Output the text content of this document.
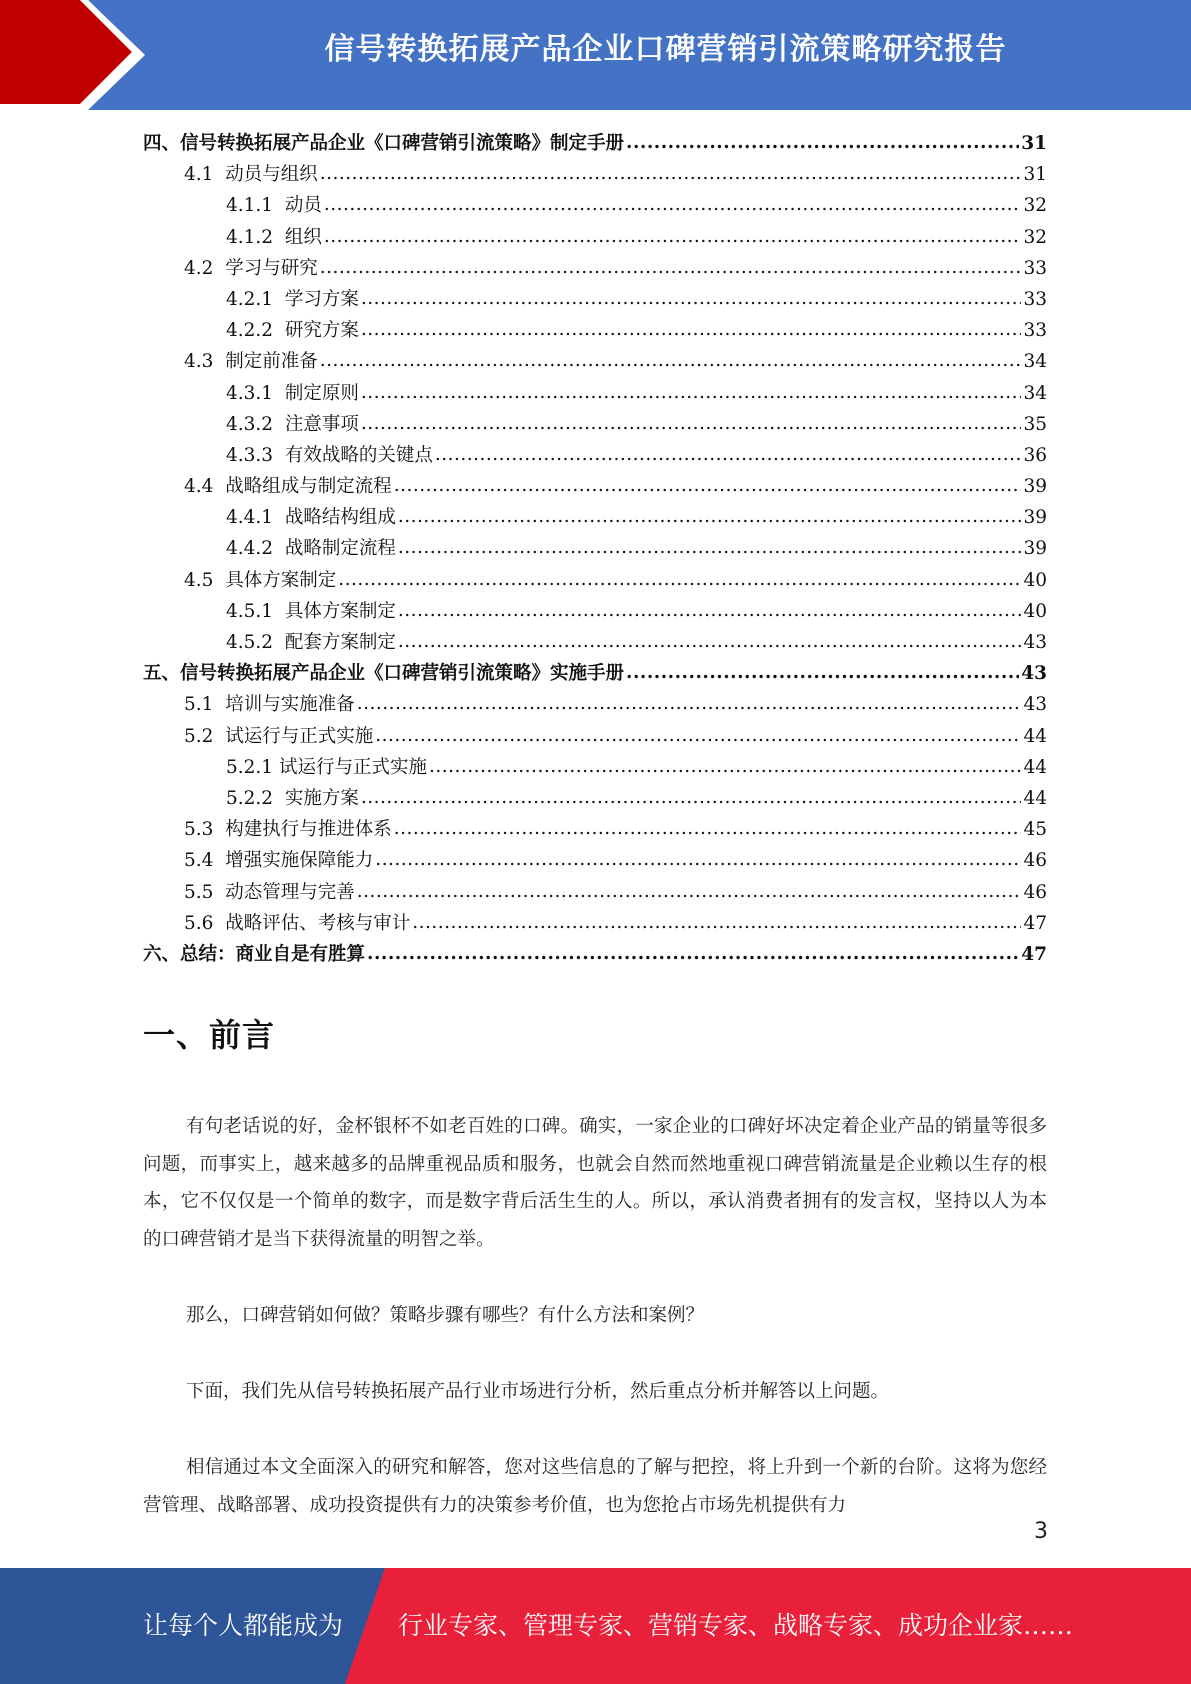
信号转换拓展产品企业口碑营销引流策略研究报告
四、 信号转换拓展产品企业《口碑营销引流策略》制定手册 .....	31
4.1 动员与组织 .....	31
4.1.1 动员 .....	32
4.1.2 组织 .....	32
4.2 学习与研究 .....	33
4.2.1 学习方案 .....	33
4.2.2 研究方案 .....	33
4.3 制定前准备 .....	34
4.3.1 制定原则 .....	34
4.3.2 注意事项 .....	35
4.3.3 有效战略的关键点 .....	36
4.4 战略组成与制定流程 .....	39
4.4.1 战略结构组成 .....	39
4.4.2 战略制定流程 .....	39
4.5 具体方案制定 .....	40
4.5.1 具体方案制定 .....	40
4.5.2 配套方案制定 .....	43
五、 信号转换拓展产品企业《口碑营销引流策略》实施手册 .....	43
5.1 培训与实施准备 .....	43
5.2 试运行与正式实施 .....	44
5.2.1 试运行与正式实施 .....	44
5.2.2 实施方案 .....	44
5.3 构建执行与推进体系 .....	45
5.4 增强实施保障能力 .....	46
5.5 动态管理与完善 .....	46
5.6 战略评估、考核与审计 .....	47
六、 总结：商业自是有胜算 .....	47
一、前言

有句老话说的好，金杯银杯不如老百姓的口碑。确实，一家企业的口碑好坏决定着企业产品的销量等很多问题，而事实上，越来越多的品牌重视品质和服务，也就会自然而然地重视口碑营销流量是企业赖以生存的根本，它不仅仅是一个简单的数字，而是数字背后活生生的人。所以，承认消费者拥有的发言权，坚持以人为本的口碑营销才是当下获得流量的明智之举。

那么，口碑营销如何做？策略步骤有哪些？有什么方法和案例？

下面，我们先从信号转换拓展产品行业市场进行分析，然后重点分析并解答以上问题。

相信通过本文全面深入的研究和解答，您对这些信息的了解与把控，将上升到一个新的台阶。这将为您经营管理、战略部署、成功投资提供有力的决策参考价值，也为您抢占市场先机提供有力

3
让每个人都能成为 行业专家、管理专家、营销专家、战略专家、成功企业家……
